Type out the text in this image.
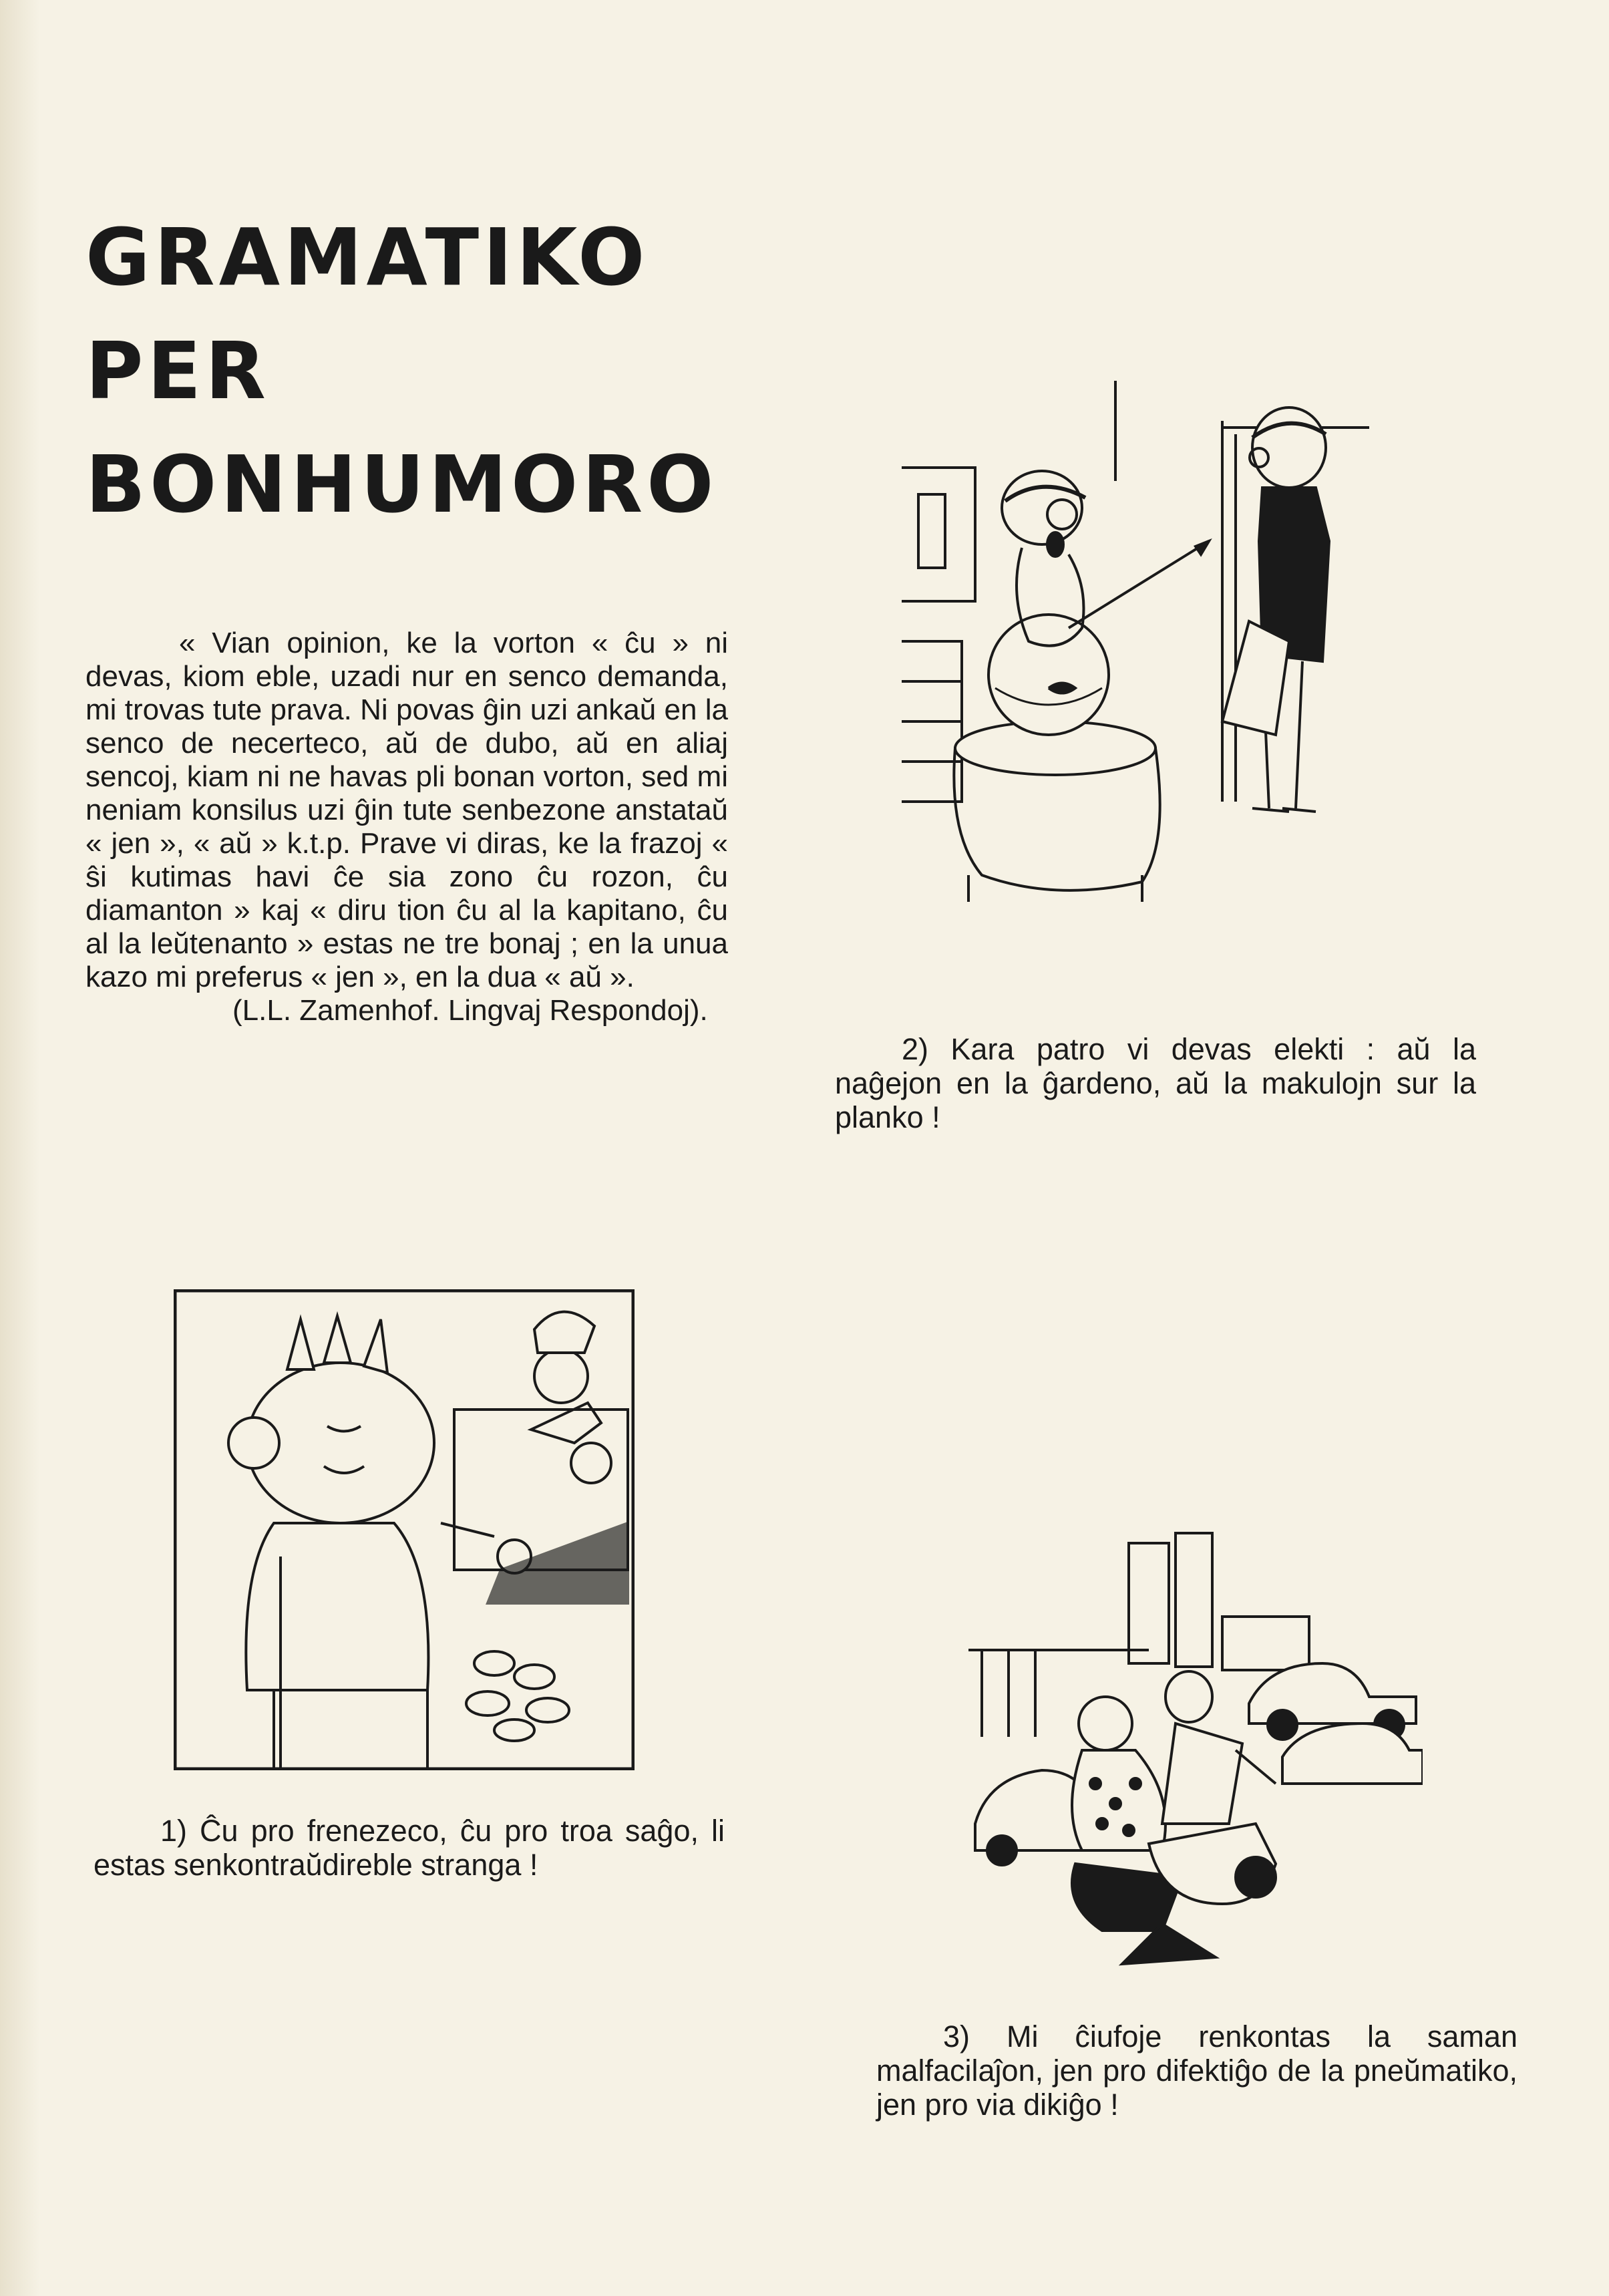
GRAMATIKO
PER
BONHUMORO

« Vian opinion, ke la vorton « ĉu » ni devas, kiom eble, uzadi nur en senco demanda, mi trovas tute prava. Ni povas ĝin uzi ankaŭ en la senco de necerteco, aŭ de dubo, aŭ en aliaj sencoj, kiam ni ne havas pli bonan vorton, sed mi neniam konsilus uzi ĝin tute senbezone anstataŭ « jen », « aŭ » k.t.p. Prave vi diras, ke la frazoj « ŝi kutimas havi ĉe sia zono ĉu rozon, ĉu diamanton » kaj « diru tion ĉu al la kapitano, ĉu al la leŭtenanto » estas ne tre bonaj ; en la unua kazo mi preferus « jen », en la dua « aŭ ».

(L.L. Zamenhof. Lingvaj Respondoj).

2) Kara patro vi devas elekti : aŭ la naĝejon en la ĝardeno, aŭ la makulojn sur la planko !

1) Ĉu pro frenezeco, ĉu pro troa saĝo, li estas senkontraŭdireble stranga !

3) Mi ĉiufoje renkontas la saman malfacilaĵon, jen pro difektiĝo de la pneŭmatiko, jen pro via dikiĝo !
